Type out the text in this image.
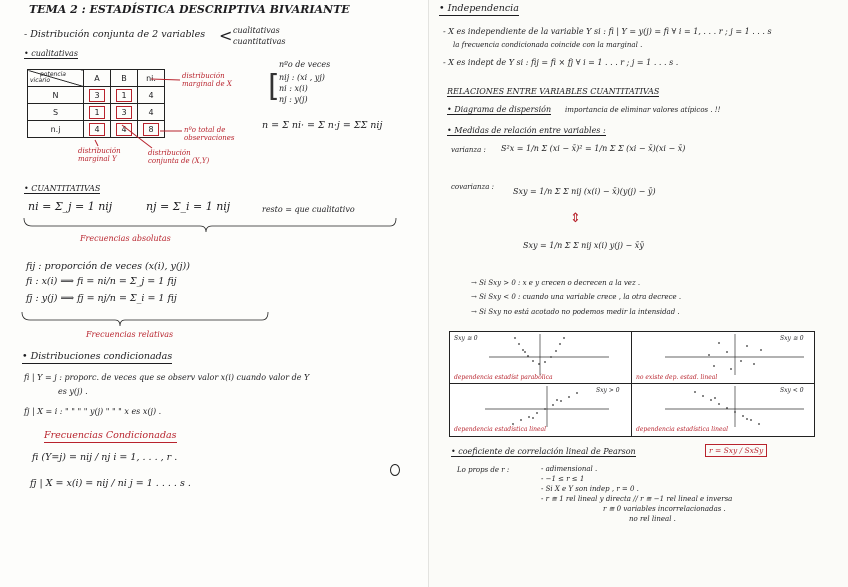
TEMA 2 : ESTADÍSTICA DESCRIPTIVA BIVARIANTE
- Distribución conjunta de 2 variables < cualitativas
cuantitativas
• cualitativas
potencia
vicario	A	B	ni.
N	3	1	4
S	1	3	4
n.j	4	4	8
distribución marginal de X
nºo total de observaciones
distribución marginal Y
distribución conjunta de (X,Y)
nºo de veces
[ nij : (xi , yj)
ni : x(i)
nj : y(j)
n = Σ ni· = Σ n·j = ΣΣ nij
• CUANTITATIVAS
ni = Σ_j = 1 nij	nj = Σ_i = 1 nij	resto = que cualitativo
Frecuencias absolutas
fij : proporción de veces (x(i), y(j))
fi : x(i) ⟹ fi = ni/n = Σ_j = 1 fij
fj : y(j) ⟹ fj = nj/n = Σ_i = 1 fij
Frecuencias relativas
• Distribuciones condicionadas
fi | Y = j : proporc. de veces que se observ valor x(i) cuando valor de Y
es y(j) .
fj | X = i : " " " " y(j) " " " x es x(j) .
Frecuencias Condicionadas
fi (Y=j) = nij / nj i = 1, . . . , r .
fj | X = x(i) = nij / ni j = 1 . . . . s .
• Independencia
- X es independiente de la variable Y si : fi | Y = y(j) = fi ∀ i = 1, . . . r ; j = 1 . . . s
la frecuencia condicionada coincide con la marginal .
- X es indept de Y si : fij = fi × fj ∀ i = 1 . . . r ; j = 1 . . . s .
RELACIONES ENTRE VARIABLES CUANTITATIVAS
• Diagrama de dispersión importancia de eliminar valores atípicos . !!
• Medidas de relación entre variables :
varianza : S²x = 1/n Σ (xi − x̄)² = 1/n Σ Σ (xi − x̄)(xi − x̄)
covarianza : Sxy = 1/n Σ Σ nij (x(i) − x̄)(y(j) − ȳ)
⇕
Sxy = 1/n Σ Σ nij x(i) y(j) − x̄ȳ
→ Si Sxy > 0 : x e y crecen o decrecen a la vez .
→ Si Sxy < 0 : cuando una variable crece , la otra decrece .
→ Si Sxy no está acotado no podemos medir la intensidad .
Sxy ≅ 0
dependencia estadíst parabólica
Sxy ≅ 0
no existe dep. estad. lineal
Sxy > 0
dependencia estadística lineal
Sxy < 0
dependencia estadística lineal
• coeficiente de correlación lineal de Pearson	r = Sxy / SxSy
Lo props de r :	- adimensional .
- −1 ≤ r ≤ 1
- Si X e Y son indep , r = 0 .
- r ≅ 1 rel lineal y directa // r ≅ −1 rel lineal e inversa
r ≅ 0 variables incorrelacionadas .
no rel lineal .
